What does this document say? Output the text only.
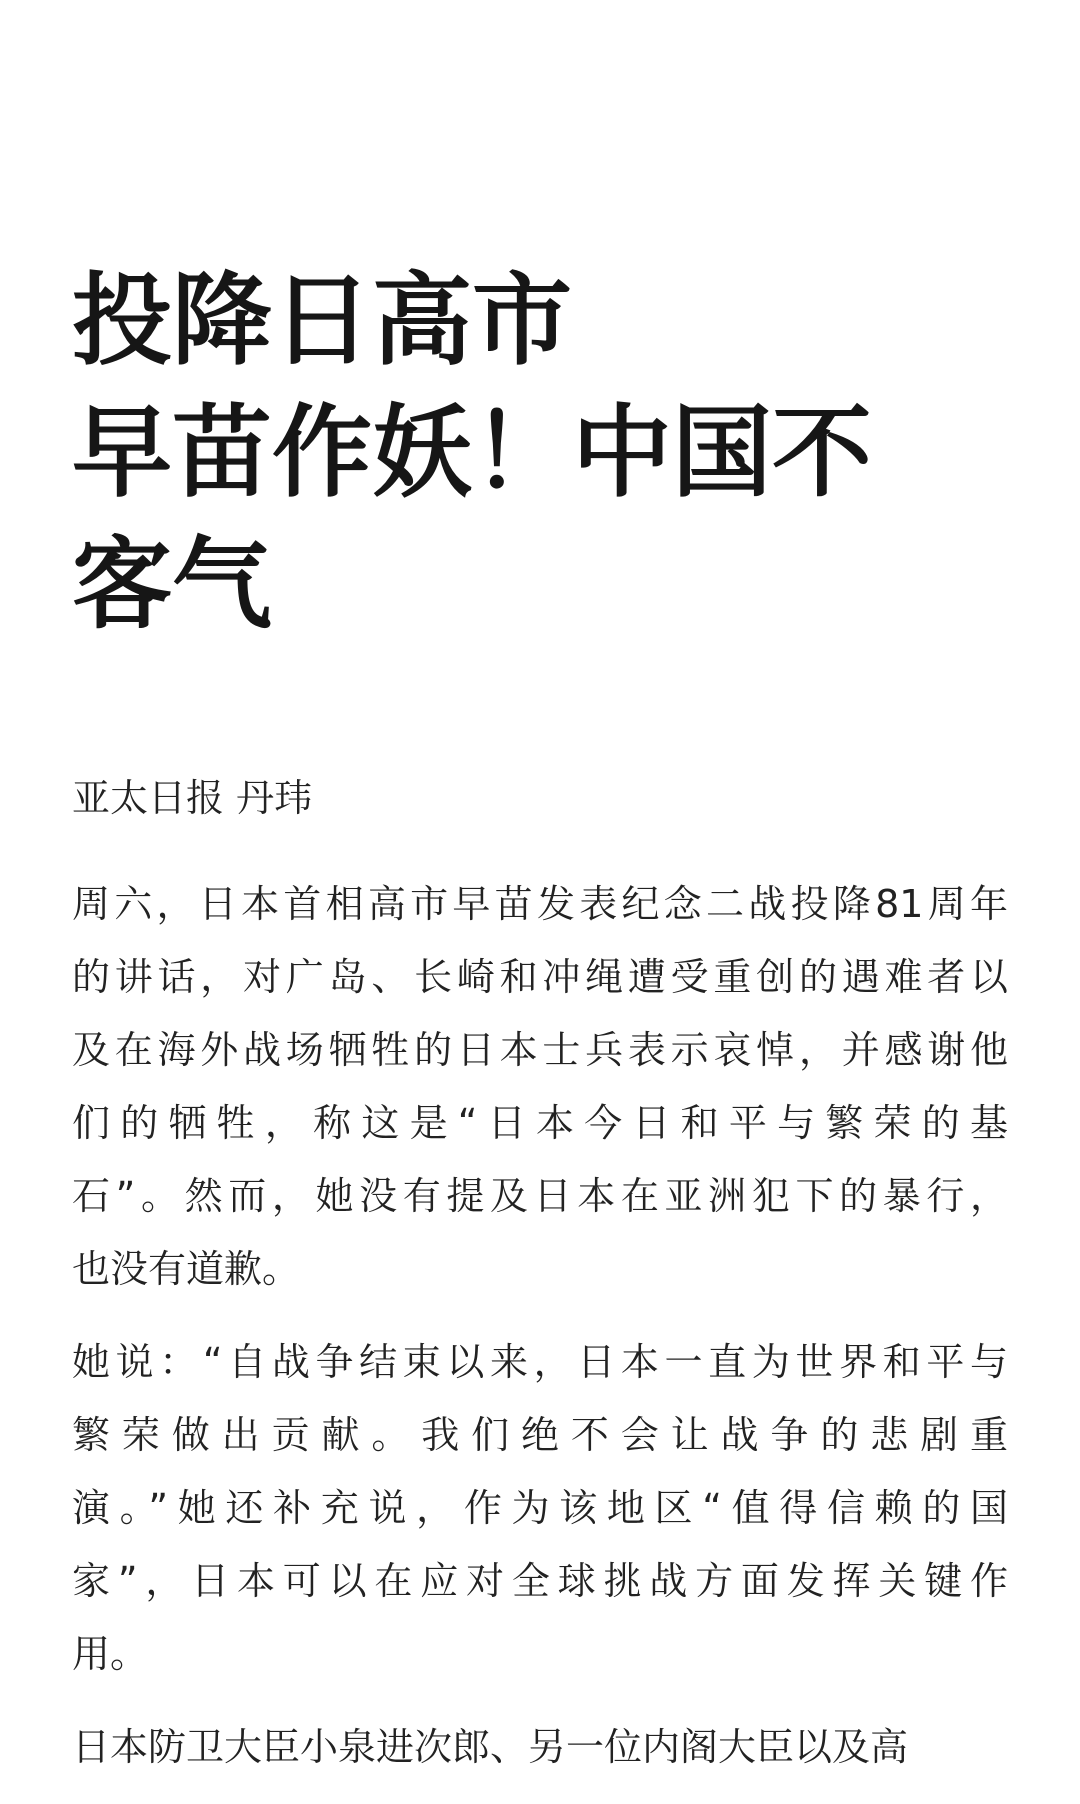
投降日高市
早苗作妖！中国不
客气
亚太日报 丹玮

周六，日本首相高市早苗发表纪念二战投降81周年
的讲话，对广岛、长崎和冲绳遭受重创的遇难者以
及在海外战场牺牲的日本士兵表示哀悼，并感谢他
们的牺牲，称这是“日本今日和平与繁荣的基
石”。然而，她没有提及日本在亚洲犯下的暴行，
也没有道歉。

她说：“自战争结束以来，日本一直为世界和平与
繁荣做出贡献。我们绝不会让战争的悲剧重
演。”她还补充说，作为该地区“值得信赖的国
家”，日本可以在应对全球挑战方面发挥关键作
用。

日本防卫大臣小泉进次郎、另一位内阁大臣以及高
